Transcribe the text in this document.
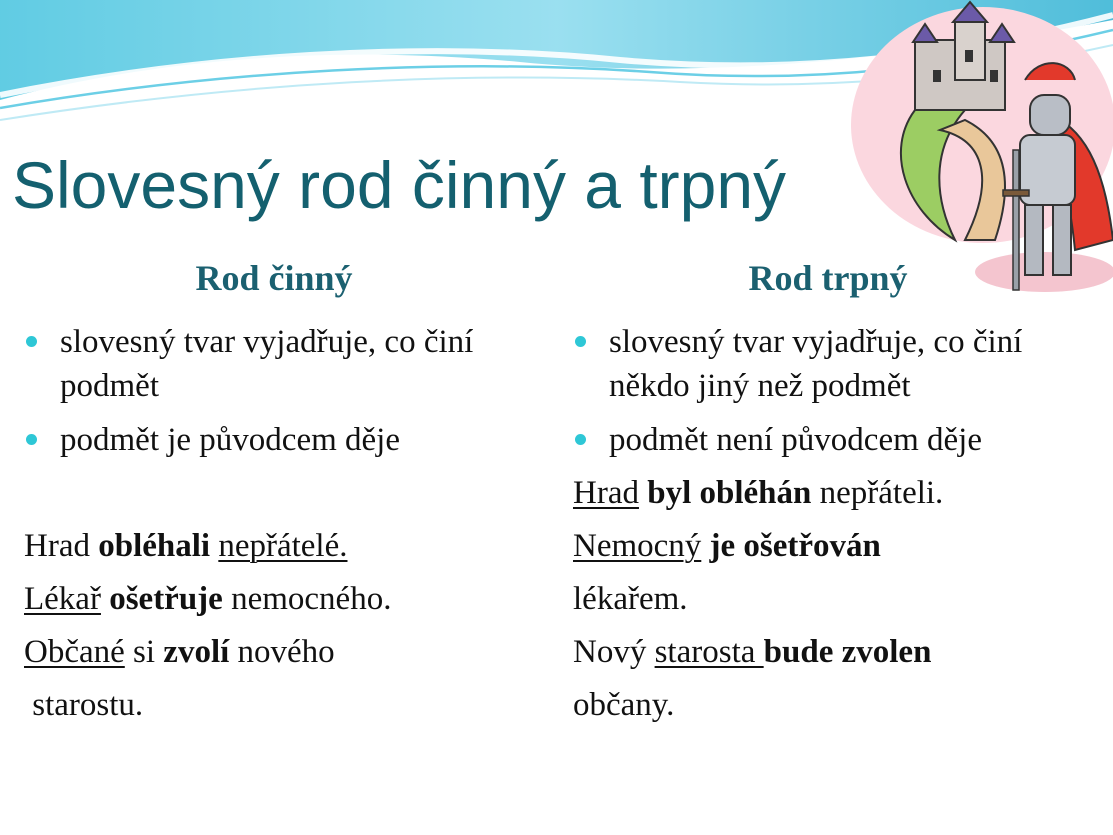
Slovesný rod činný a trpný
Rod činný
slovesný tvar vyjadřuje, co činí podmět
podmět je původcem děje

Hrad obléhali nepřátelé.

Lékař ošetřuje nemocného.

Občané si zvolí nového

starostu.

Rod trpný
slovesný tvar vyjadřuje, co činí někdo jiný než podmět
podmět není původcem děje

Hrad byl obléhán nepřáteli.

Nemocný je ošetřován

lékařem.

Nový starosta bude zvolen

občany.
